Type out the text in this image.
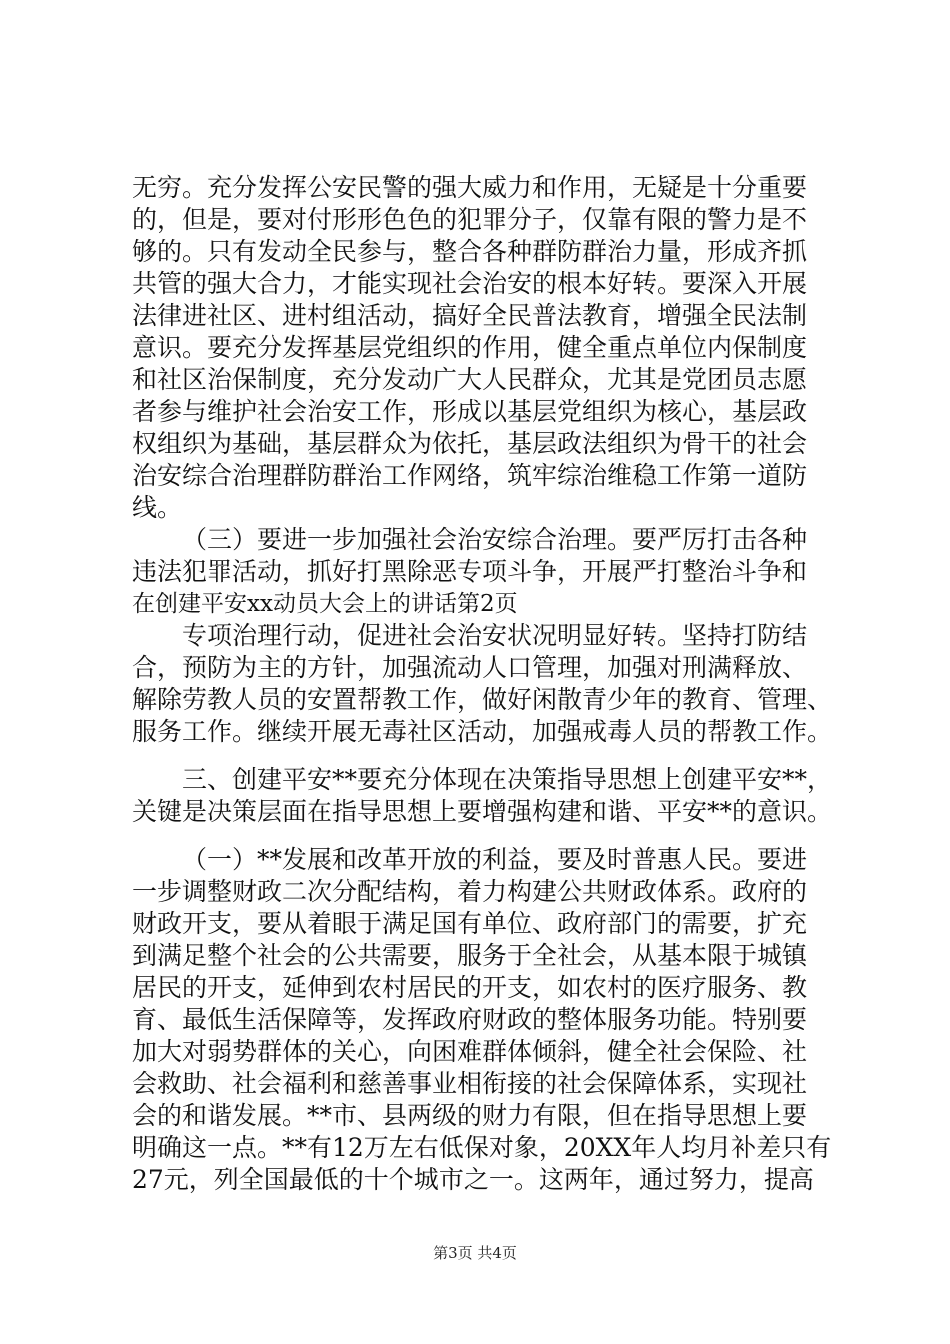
无穷。充分发挥公安民警的强大威力和作用，无疑是十分重要
的，但是，要对付形形色色的犯罪分子，仅靠有限的警力是不
够的。只有发动全民参与，整合各种群防群治力量，形成齐抓
共管的强大合力，才能实现社会治安的根本好转。要深入开展
法律进社区、进村组活动，搞好全民普法教育，增强全民法制
意识。要充分发挥基层党组织的作用，健全重点单位内保制度
和社区治保制度，充分发动广大人民群众，尤其是党团员志愿
者参与维护社会治安工作，形成以基层党组织为核心，基层政
权组织为基础，基层群众为依托，基层政法组织为骨干的社会
治安综合治理群防群治工作网络，筑牢综治维稳工作第一道防
线。
（三）要进一步加强社会治安综合治理。要严厉打击各种
违法犯罪活动，抓好打黑除恶专项斗争，开展严打整治斗争和
在创建平安xx动员大会上的讲话第2页
专项治理行动，促进社会治安状况明显好转。坚持打防结
合，预防为主的方针，加强流动人口管理，加强对刑满释放、
解除劳教人员的安置帮教工作，做好闲散青少年的教育、管理、
服务工作。继续开展无毒社区活动，加强戒毒人员的帮教工作。
三、创建平安**要充分体现在决策指导思想上创建平安**，
关键是决策层面在指导思想上要增强构建和谐、平安**的意识。
（一）**发展和改革开放的利益，要及时普惠人民。要进
一步调整财政二次分配结构，着力构建公共财政体系。政府的
财政开支，要从着眼于满足国有单位、政府部门的需要，扩充
到满足整个社会的公共需要，服务于全社会，从基本限于城镇
居民的开支，延伸到农村居民的开支，如农村的医疗服务、教
育、最低生活保障等，发挥政府财政的整体服务功能。特别要
加大对弱势群体的关心，向困难群体倾斜，健全社会保险、社
会救助、社会福利和慈善事业相衔接的社会保障体系，实现社
会的和谐发展。**市、县两级的财力有限，但在指导思想上要
明确这一点。**有12万左右低保对象，20XX年人均月补差只有
27元，列全国最低的十个城市之一。这两年，通过努力，提高
第3页 共4页
